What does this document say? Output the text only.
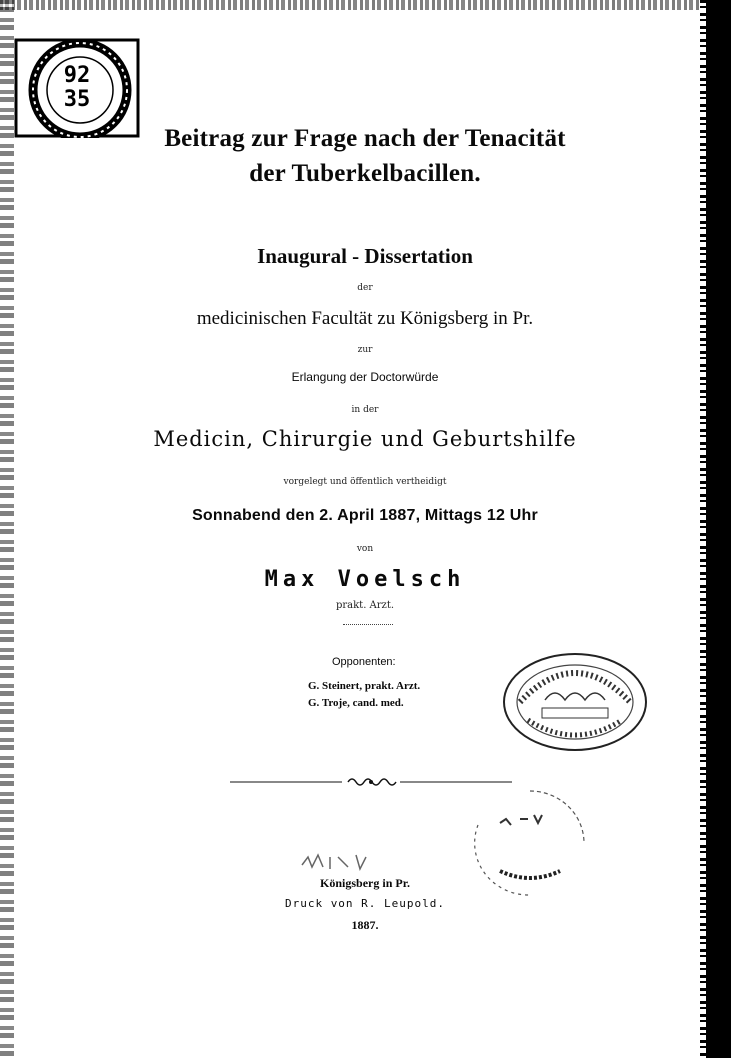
92

35

Beitrag zur Frage nach der Tenacität

der Tuberkelbacillen.

Inaugural - Dissertation

der

medicinischen Facultät zu Königsberg in Pr.

zur

Erlangung der Doctorwürde

in der

Medicin, Chirurgie und Geburtshilfe

vorgelegt und öffentlich vertheidigt

Sonnabend den 2. April 1887, Mittags 12 Uhr

von

Max Voelsch

prakt. Arzt.

Opponenten:

G. Steinert, prakt. Arzt.

G. Troje, cand. med.

Königsberg in Pr.

Druck von R. Leupold.

1887.
